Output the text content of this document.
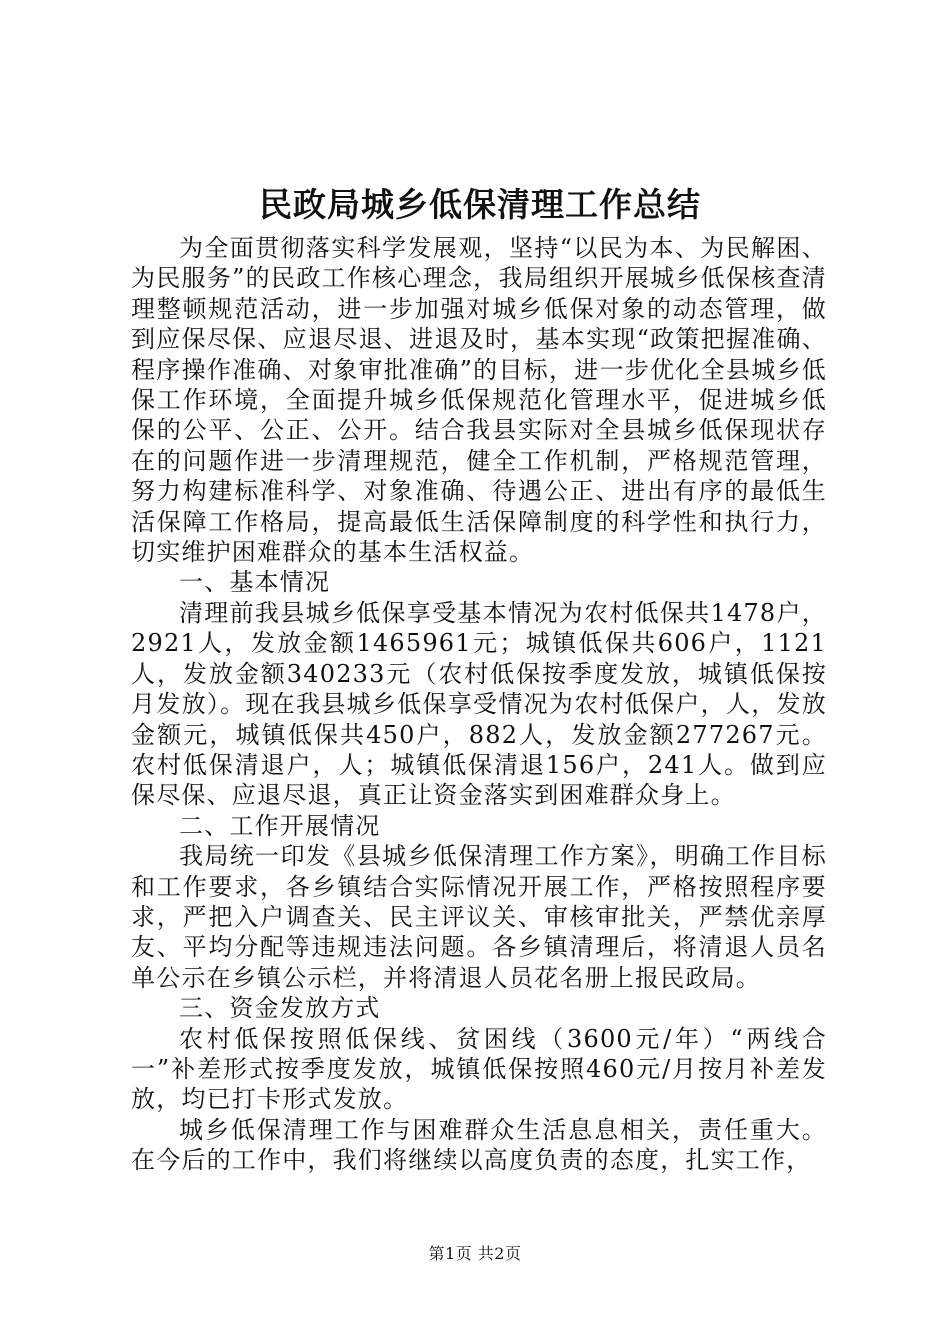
民政局城乡低保清理工作总结

为全面贯彻落实科学发展观，坚持“以民为本、为民解困、为民服务”的民政工作核心理念，我局组织开展城乡低保核查清理整顿规范活动，进一步加强对城乡低保对象的动态管理，做到应保尽保、应退尽退、进退及时，基本实现“政策把握准确、程序操作准确、对象审批准确”的目标，进一步优化全县城乡低保工作环境，全面提升城乡低保规范化管理水平，促进城乡低保的公平、公正、公开。结合我县实际对全县城乡低保现状存在的问题作进一步清理规范，健全工作机制，严格规范管理，努力构建标准科学、对象准确、待遇公正、进出有序的最低生活保障工作格局，提高最低生活保障制度的科学性和执行力，切实维护困难群众的基本生活权益。

一、基本情况

清理前我县城乡低保享受基本情况为农村低保共1478户，2921人，发放金额1465961元；城镇低保共606户，1121人，发放金额340233元（农村低保按季度发放，城镇低保按月发放）。现在我县城乡低保享受情况为农村低保户，人，发放金额元，城镇低保共450户，882人，发放金额277267元。农村低保清退户，人；城镇低保清退156户，241人。做到应保尽保、应退尽退，真正让资金落实到困难群众身上。

二、工作开展情况

我局统一印发《县城乡低保清理工作方案》，明确工作目标和工作要求，各乡镇结合实际情况开展工作，严格按照程序要求，严把入户调查关、民主评议关、审核审批关，严禁优亲厚友、平均分配等违规违法问题。各乡镇清理后，将清退人员名单公示在乡镇公示栏，并将清退人员花名册上报民政局。

三、资金发放方式

农村低保按照低保线、贫困线（3600元/年）“两线合一”补差形式按季度发放，城镇低保按照460元/月按月补差发放，均已打卡形式发放。

城乡低保清理工作与困难群众生活息息相关，责任重大。在今后的工作中，我们将继续以高度负责的态度，扎实工作，

第1页 共2页
